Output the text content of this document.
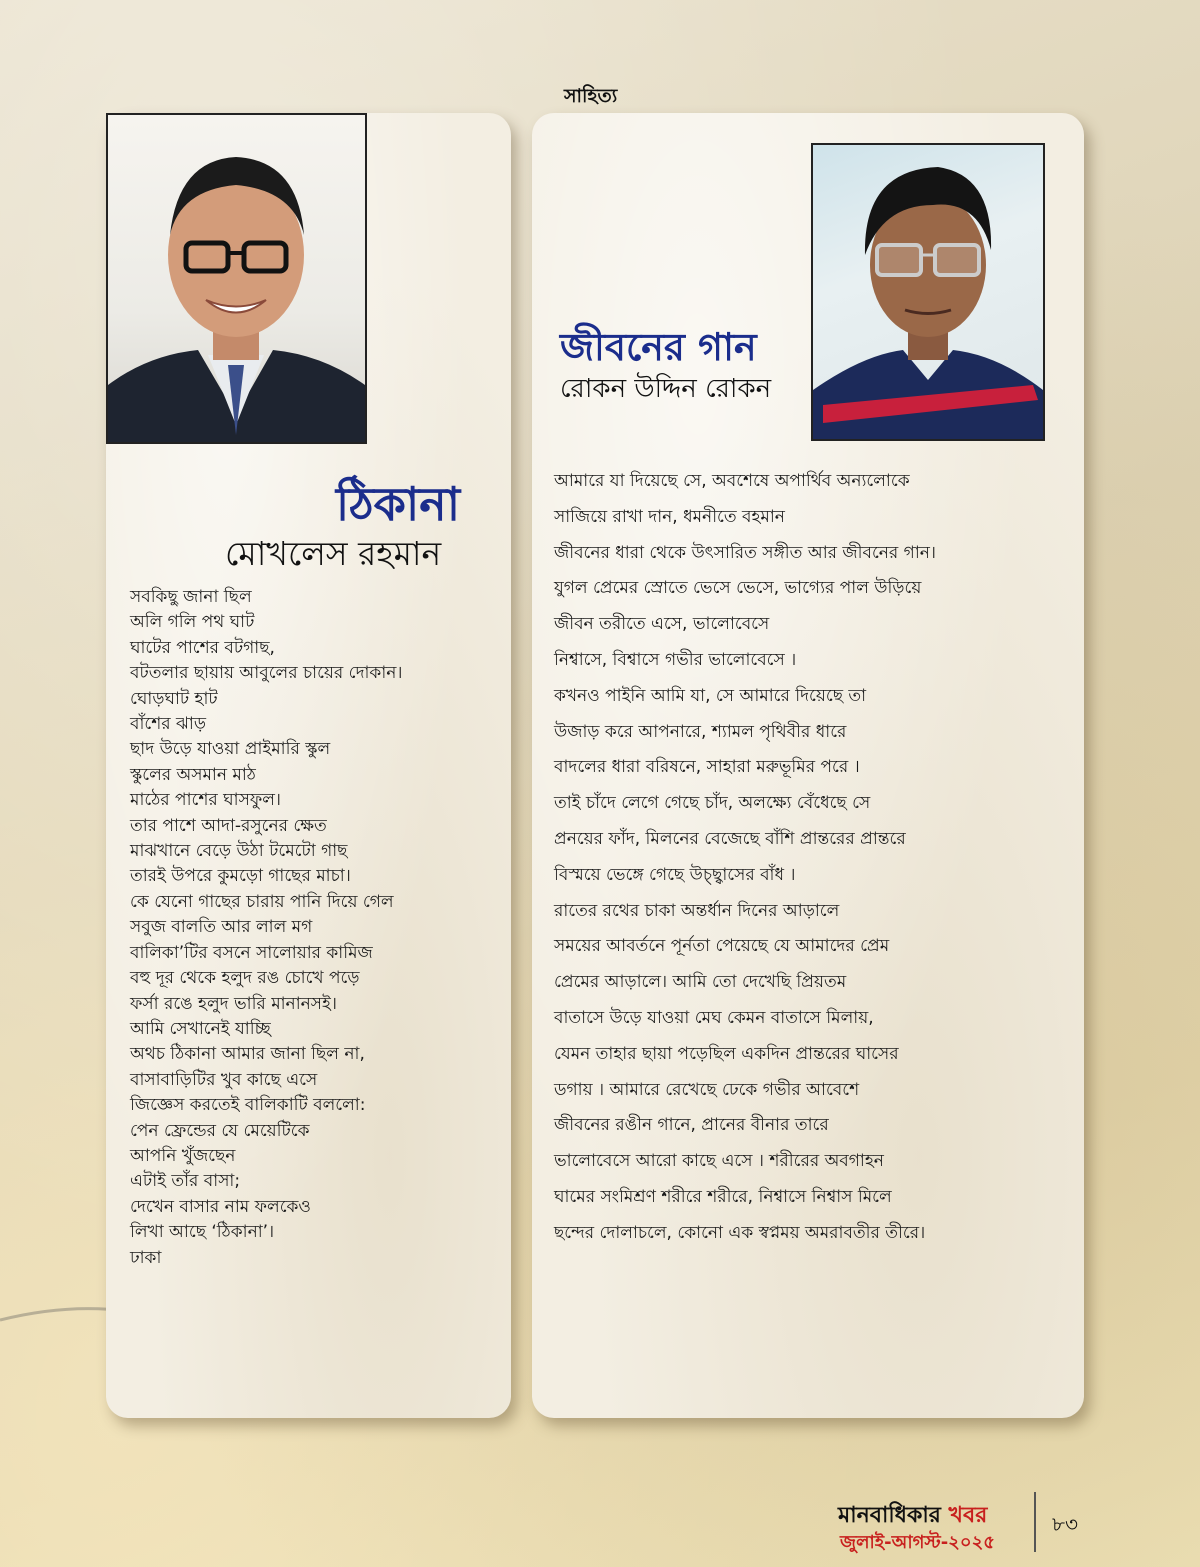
সাহিত্য
ঠিকানা
মোখলেস রহমান
জীবনের গান
রোকন উদ্দিন রোকন
সবকিছু জানা ছিল
অলি গলি পথ ঘাট
ঘাটের পাশের বটগাছ,
বটতলার ছায়ায় আবুলের চায়ের দোকান।
ঘোড়ঘাট হাট
বাঁশের ঝাড়
ছাদ উড়ে যাওয়া প্রাইমারি স্কুল
স্কুলের অসমান মাঠ
মাঠের পাশের ঘাসফুল।
তার পাশে আদা-রসুনের ক্ষেত
মাঝখানে বেড়ে উঠা টমেটো গাছ
তারই উপরে কুমড়ো গাছের মাচা।
কে যেনো গাছের চারায় পানি দিয়ে গেল
সবুজ বালতি আর লাল মগ
বালিকা’টির বসনে সালোয়ার কামিজ
বহু দূর থেকে হলুদ রঙ চোখে পড়ে
ফর্সা রঙে হলুদ ভারি মানানসই।
আমি সেখানেই যাচ্ছি
অথচ ঠিকানা আমার জানা ছিল না,
বাসাবাড়িটির খুব কাছে এসে
জিজ্ঞেস করতেই বালিকাটি বললো:
পেন ফ্রেন্ডের যে মেয়েটিকে
আপনি খুঁজছেন
এটাই তাঁর বাসা;
দেখেন বাসার নাম ফলকেও
লিখা আছে ‘ঠিকানা’।
ঢাকা
আমারে যা দিয়েছে সে, অবশেষে অপার্থিব অন্যলোকে
সাজিয়ে রাখা দান, ধমনীতে বহমান
জীবনের ধারা থেকে উৎসারিত সঙ্গীত আর জীবনের গান।
যুগল প্রেমের স্রোতে ভেসে ভেসে, ভাগ্যের পাল উড়িয়ে
জীবন তরীতে এসে, ভালোবেসে
নিশ্বাসে, বিশ্বাসে গভীর ভালোবেসে ।
কখনও পাইনি আমি যা, সে আমারে দিয়েছে তা
উজাড় করে আপনারে, শ্যামল পৃথিবীর ধারে
বাদলের ধারা বরিষনে, সাহারা মরুভূমির পরে ।
তাই চাঁদে লেগে গেছে চাঁদ, অলক্ষ্যে বেঁধেছে সে
প্রনয়ের ফাঁদ, মিলনের বেজেছে বাঁশি প্রান্তরের প্রান্তরে
বিস্ময়ে ভেঙ্গে গেছে উচ্ছ্বাসের বাঁধ ।
রাতের রথের চাকা অন্তর্ধান দিনের আড়ালে
সময়ের আবর্তনে পূর্নতা পেয়েছে যে আমাদের প্রেম
প্রেমের আড়ালে। আমি তো দেখেছি প্রিয়তম
বাতাসে উড়ে যাওয়া মেঘ কেমন বাতাসে মিলায়,
যেমন তাহার ছায়া পড়েছিল একদিন প্রান্তরের ঘাসের
ডগায় । আমারে রেখেছে ঢেকে গভীর আবেশে
জীবনের রঙীন গানে, প্রানের বীনার তারে
ভালোবেসে আরো কাছে এসে । শরীরের অবগাহন
ঘামের সংমিশ্রণ শরীরে শরীরে, নিশ্বাসে নিশ্বাস মিলে
ছন্দের দোলাচলে, কোনো এক স্বপ্নময় অমরাবতীর তীরে।
মানবাধিকার খবর
জুলাই-আগস্ট-২০২৫
৮৩
